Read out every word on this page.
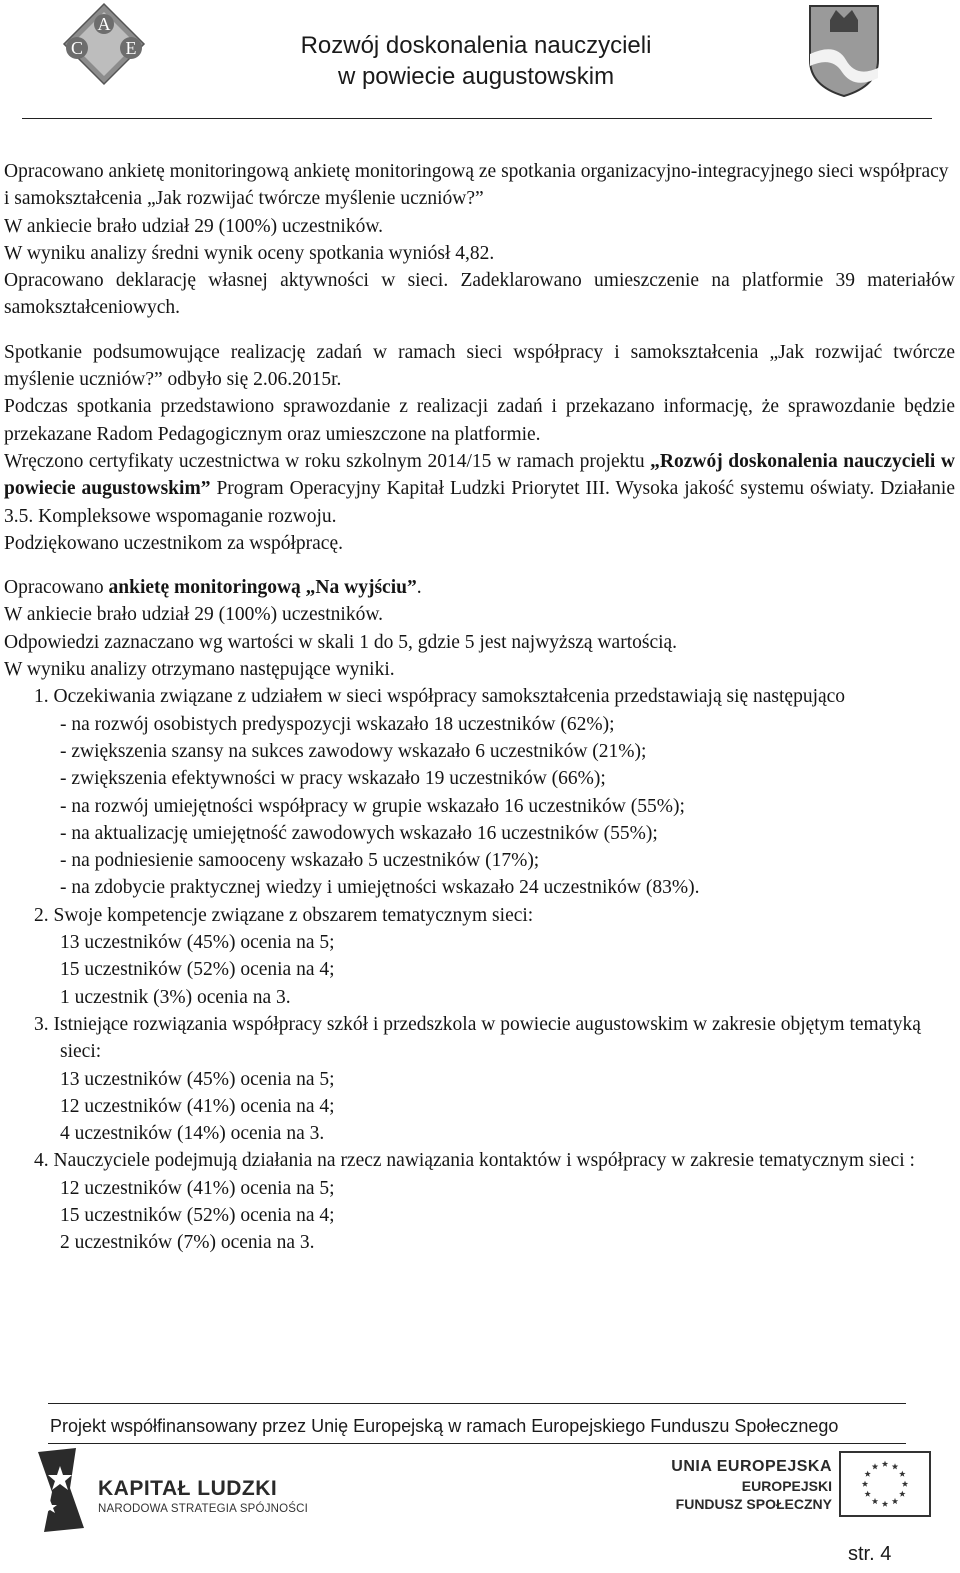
A
C E	Rozwój doskonalenia nauczycieli
w powiecie augustowskim

Opracowano ankietę monitoringową ankietę monitoringową ze spotkania organizacyjno-integracyjnego sieci współpracy i samokształcenia „Jak rozwijać twórcze myślenie uczniów?”

W ankiecie brało udział 29 (100%) uczestników.

W wyniku analizy średni wynik oceny spotkania wyniósł 4,82.

Opracowano deklarację własnej aktywności w sieci. Zadeklarowano umieszczenie na platformie 39 materiałów samokształceniowych.

Spotkanie podsumowujące realizację zadań w ramach sieci współpracy i samokształcenia „Jak rozwijać twórcze myślenie uczniów?” odbyło się 2.06.2015r.

Podczas spotkania przedstawiono sprawozdanie z realizacji zadań i przekazano informację, że sprawozdanie będzie przekazane Radom Pedagogicznym oraz umieszczone na platformie.

Wręczono certyfikaty uczestnictwa w roku szkolnym 2014/15 w ramach projektu „Rozwój doskonalenia nauczycieli w powiecie augustowskim” Program Operacyjny Kapitał Ludzki Priorytet III. Wysoka jakość systemu oświaty. Działanie 3.5. Kompleksowe wspomaganie rozwoju.

Podziękowano uczestnikom za współpracę.

Opracowano ankietę monitoringową „Na wyjściu”.

W ankiecie brało udział 29 (100%) uczestników.

Odpowiedzi zaznaczano wg wartości w skali 1 do 5, gdzie 5 jest najwyższą wartością.

W wyniku analizy otrzymano następujące wyniki.

1. Oczekiwania związane z udziałem w sieci współpracy samokształcenia przedstawiają się następująco

- na rozwój osobistych predyspozycji wskazało 18 uczestników (62%);

- zwiększenia szansy na sukces zawodowy wskazało 6 uczestników (21%);

- zwiększenia efektywności w pracy wskazało 19 uczestników (66%);

- na rozwój umiejętności współpracy w grupie wskazało 16 uczestników (55%);

- na aktualizację umiejętność zawodowych wskazało 16 uczestników (55%);

- na podniesienie samooceny wskazało 5 uczestników (17%);

- na zdobycie praktycznej wiedzy i umiejętności wskazało 24 uczestników (83%).

2. Swoje kompetencje związane z obszarem tematycznym sieci:

13 uczestników (45%) ocenia na 5;

15 uczestników (52%) ocenia na 4;

1 uczestnik (3%) ocenia na 3.

3. Istniejące rozwiązania współpracy szkół i przedszkola w powiecie augustowskim w zakresie objętym tematyką sieci:

13 uczestników (45%) ocenia na 5;

12 uczestników (41%) ocenia na 4;

4 uczestników (14%) ocenia na 3.

4. Nauczyciele podejmują działania na rzecz nawiązania kontaktów i współpracy w zakresie tematycznym sieci :

12 uczestników (41%) ocenia na 5;

15 uczestników (52%) ocenia na 4;

2 uczestników (7%) ocenia na 3.

Projekt współfinansowany przez Unię Europejską w ramach Europejskiego Funduszu Społecznego
KAPITAŁ LUDZKI
NARODOWA STRATEGIA SPÓJNOŚCI
UNIA EUROPEJSKA
EUROPEJSKI
FUNDUSZ SPOŁECZNY
str. 4
